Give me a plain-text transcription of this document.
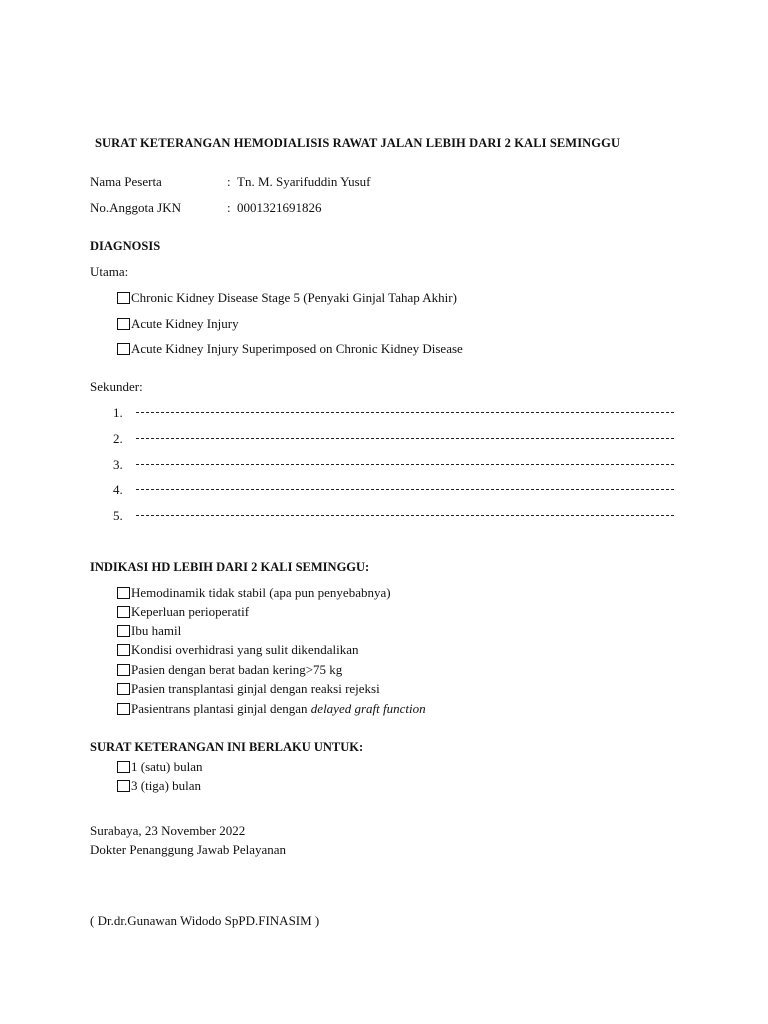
SURAT KETERANGAN HEMODIALISIS RAWAT JALAN LEBIH DARI 2 KALI SEMINGGU
Nama Peserta	: Tn. M. Syarifuddin Yusuf
No.Anggota JKN	: 0001321691826
DIAGNOSIS
Utama:
Chronic Kidney Disease Stage 5 (Penyaki Ginjal Tahap Akhir)
Acute Kidney Injury
Acute Kidney Injury Superimposed on Chronic Kidney Disease
Sekunder:
1.
2.
3.
4.
5.
INDIKASI HD LEBIH DARI 2 KALI SEMINGGU:
Hemodinamik tidak stabil (apa pun penyebabnya)
Keperluan perioperatif
Ibu hamil
Kondisi overhidrasi yang sulit dikendalikan
Pasien dengan berat badan kering>75 kg
Pasien transplantasi ginjal dengan reaksi rejeksi
Pasientrans plantasi ginjal dengan delayed graft function
SURAT KETERANGAN INI BERLAKU UNTUK:
1 (satu) bulan
3 (tiga) bulan
Surabaya, 23 November 2022
Dokter Penanggung Jawab Pelayanan
( Dr.dr.Gunawan Widodo SpPD.FINASIM )
